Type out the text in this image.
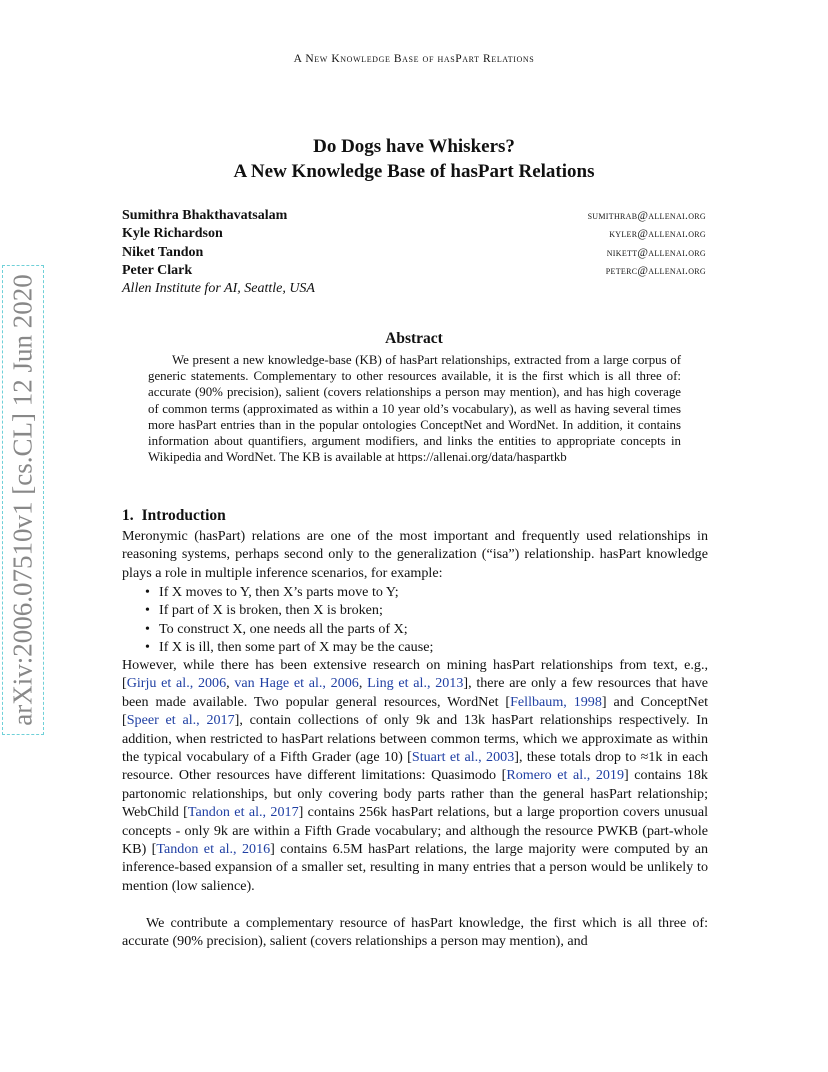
arXiv:2006.07510v1 [cs.CL] 12 Jun 2020
A New Knowledge Base of hasPart Relations
Do Dogs have Whiskers?
A New Knowledge Base of hasPart Relations
Sumithra Bhakthavatsalam
Kyle Richardson
Niket Tandon
Peter Clark
Allen Institute for AI, Seattle, USA
sumithrab@allenai.org
kyler@allenai.org
nikett@allenai.org
peterc@allenai.org
Abstract

We present a new knowledge-base (KB) of hasPart relationships, extracted from a large corpus of generic statements. Complementary to other resources available, it is the first which is all three of: accurate (90% precision), salient (covers relationships a person may mention), and has high coverage of common terms (approximated as within a 10 year old’s vocabulary), as well as having several times more hasPart entries than in the popular ontologies ConceptNet and WordNet. In addition, it contains information about quantifiers, argument modifiers, and links the entities to appropriate concepts in Wikipedia and WordNet. The KB is available at https://allenai.org/data/haspartkb

1. Introduction

Meronymic (hasPart) relations are one of the most important and frequently used relationships in reasoning systems, perhaps second only to the generalization (“isa”) relationship. hasPart knowledge plays a role in multiple inference scenarios, for example:

• If X moves to Y, then X’s parts move to Y;
• If part of X is broken, then X is broken;
• To construct X, one needs all the parts of X;
• If X is ill, then some part of X may be the cause;

However, while there has been extensive research on mining hasPart relationships from text, e.g., [Girju et al., 2006, van Hage et al., 2006, Ling et al., 2013], there are only a few resources that have been made available. Two popular general resources, WordNet [Fellbaum, 1998] and ConceptNet [Speer et al., 2017], contain collections of only 9k and 13k hasPart relationships respectively. In addition, when restricted to hasPart relations between common terms, which we approximate as within the typical vocabulary of a Fifth Grader (age 10) [Stuart et al., 2003], these totals drop to ≈1k in each resource. Other resources have different limitations: Quasimodo [Romero et al., 2019] contains 18k partonomic relationships, but only covering body parts rather than the general hasPart relationship; WebChild [Tandon et al., 2017] contains 256k hasPart relations, but a large proportion covers unusual concepts - only 9k are within a Fifth Grade vocabulary; and although the resource PWKB (part-whole KB) [Tandon et al., 2016] contains 6.5M hasPart relations, the large majority were computed by an inference-based expansion of a smaller set, resulting in many entries that a person would be unlikely to mention (low salience).

We contribute a complementary resource of hasPart knowledge, the first which is all three of: accurate (90% precision), salient (covers relationships a person may mention), and
